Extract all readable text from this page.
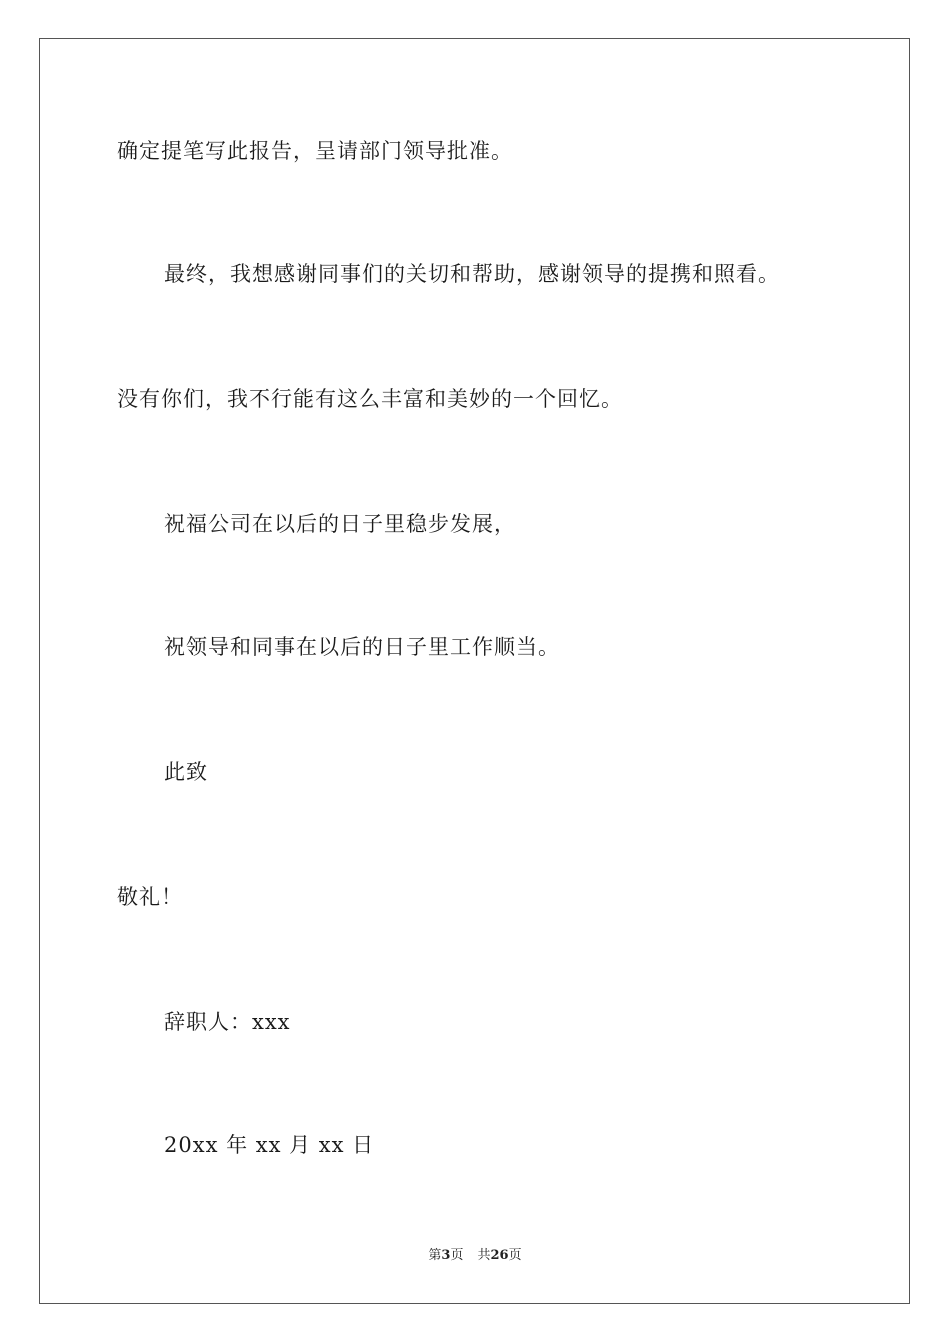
确定提笔写此报告，呈请部门领导批准。
最终，我想感谢同事们的关切和帮助，感谢领导的提携和照看。
没有你们，我不行能有这么丰富和美妙的一个回忆。
祝福公司在以后的日子里稳步发展，
祝领导和同事在以后的日子里工作顺当。
此致
敬礼！
辞职人：xxx
20xx 年 xx 月 xx 日
第3页 共26页
